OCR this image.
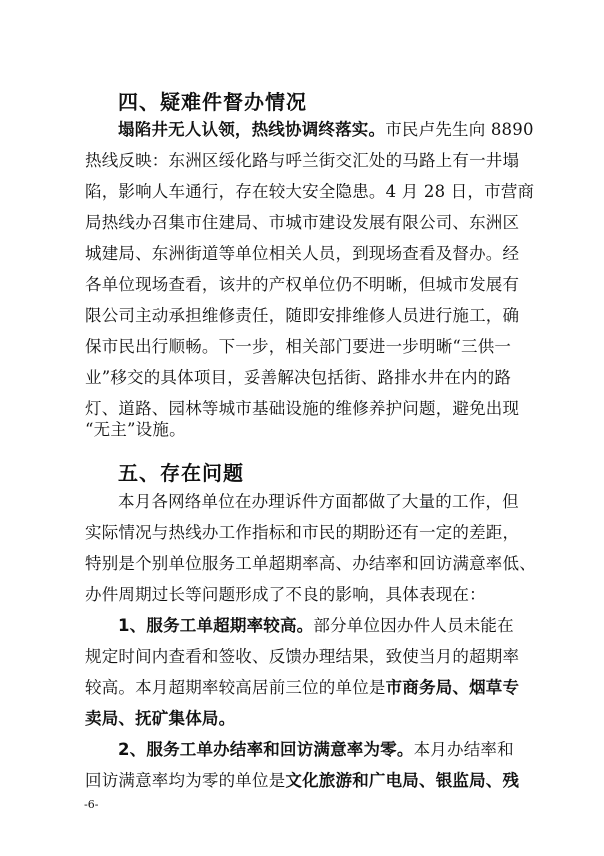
四、疑难件督办情况
塌陷井无人认领，热线协调终落实。市民卢先生向 8890
热线反映：东洲区绥化路与呼兰街交汇处的马路上有一井塌
陷，影响人车通行，存在较大安全隐患。4 月 28 日，市营商
局热线办召集市住建局、市城市建设发展有限公司、东洲区
城建局、东洲街道等单位相关人员，到现场查看及督办。经
各单位现场查看，该井的产权单位仍不明晰，但城市发展有
限公司主动承担维修责任，随即安排维修人员进行施工，确
保市民出行顺畅。下一步，相关部门要进一步明晰“三供一
业”移交的具体项目，妥善解决包括街、路排水井在内的路
灯、道路、园林等城市基础设施的维修养护问题，避免出现
“无主”设施。
五、存在问题
本月各网络单位在办理诉件方面都做了大量的工作，但
实际情况与热线办工作指标和市民的期盼还有一定的差距，
特别是个别单位服务工单超期率高、办结率和回访满意率低、
办件周期过长等问题形成了不良的影响，具体表现在：
1、服务工单超期率较高。部分单位因办件人员未能在
规定时间内查看和签收、反馈办理结果，致使当月的超期率
较高。本月超期率较高居前三位的单位是市商务局、烟草专
卖局、抚矿集体局。
2、服务工单办结率和回访满意率为零。本月办结率和
回访满意率均为零的单位是文化旅游和广电局、银监局、残
-6-
